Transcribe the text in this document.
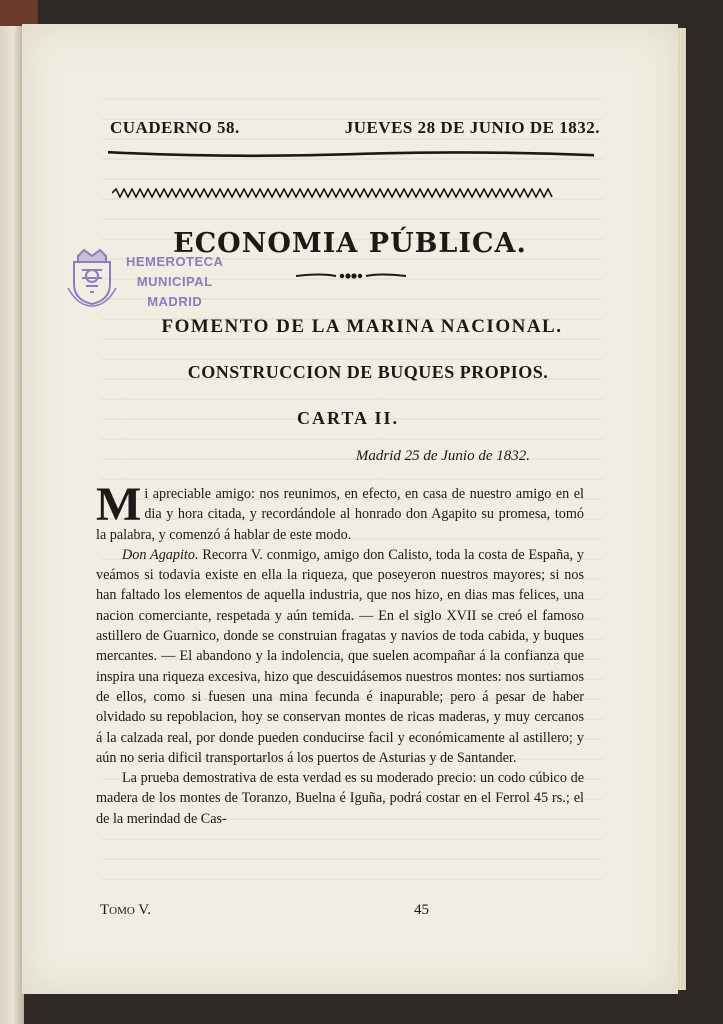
CUADERNO 58.	JUEVES 28 DE JUNIO DE 1832.
HEMEROTECA
MUNICIPAL
MADRID
ECONOMIA PÚBLICA.
FOMENTO DE LA MARINA NACIONAL.
CONSTRUCCION DE BUQUES PROPIOS.
CARTA II.
Madrid 25 de Junio de 1832.

Mi apreciable amigo: nos reunimos, en efecto, en casa de nuestro amigo en el dia y hora citada, y recordándole al honrado don Agapito su promesa, tomó la palabra, y comenzó á hablar de este modo.

Don Agapito. Recorra V. conmigo, amigo don Calisto, toda la costa de España, y veámos si todavia existe en ella la riqueza, que poseyeron nuestros mayores; si nos han faltado los elementos de aquella industria, que nos hizo, en dias mas felices, una nacion comerciante, respetada y aún temida. — En el siglo XVII se creó el famoso astillero de Guarnico, donde se construian fragatas y navios de toda cabida, y buques mercantes. — El abandono y la indolencia, que suelen acompañar á la confianza que inspira una riqueza excesiva, hizo que descuidásemos nuestros montes: nos surtiamos de ellos, como si fuesen una mina fecunda é inapurable; pero á pesar de haber olvidado su repoblacion, hoy se conservan montes de ricas maderas, y muy cercanos á la calzada real, por donde pueden conducirse facil y económicamente al astillero; y aún no seria dificil transportarlos á los puertos de Asturias y de Santander.

La prueba demostrativa de esta verdad es su moderado precio: un codo cúbico de madera de los montes de Toranzo, Buelna é Iguña, podrá costar en el Ferrol 45 rs.; el de la merindad de Cas-

Tomo V.	45
